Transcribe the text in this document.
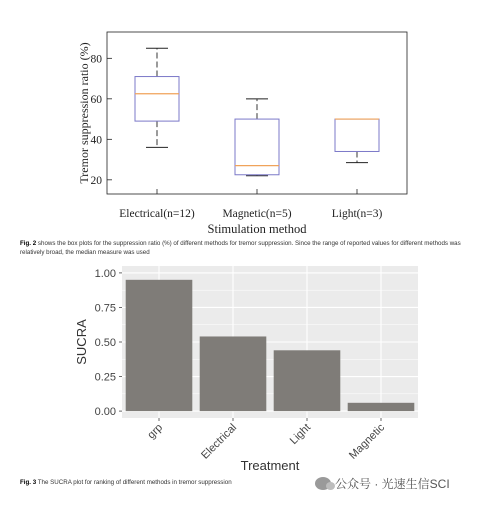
20
40
60
80
Electrical(n=12) Magnetic(n=5)	Light(n=3)
Tremor suppression ratio (%)
Stimulation method
0.00
0.25
0.50
0.75
1.00
grp	Electrical	Light	Magnetic
SUCRA
Treatment
Fig. 2 shows the box plots for the suppression ratio (%) of different methods for tremor suppression. Since the range of reported values for different methods was relatively broad, the median measure was used
Fig. 3 The SUCRA plot for ranking of different methods in tremor suppression	公众号 · 光速生信SCI
